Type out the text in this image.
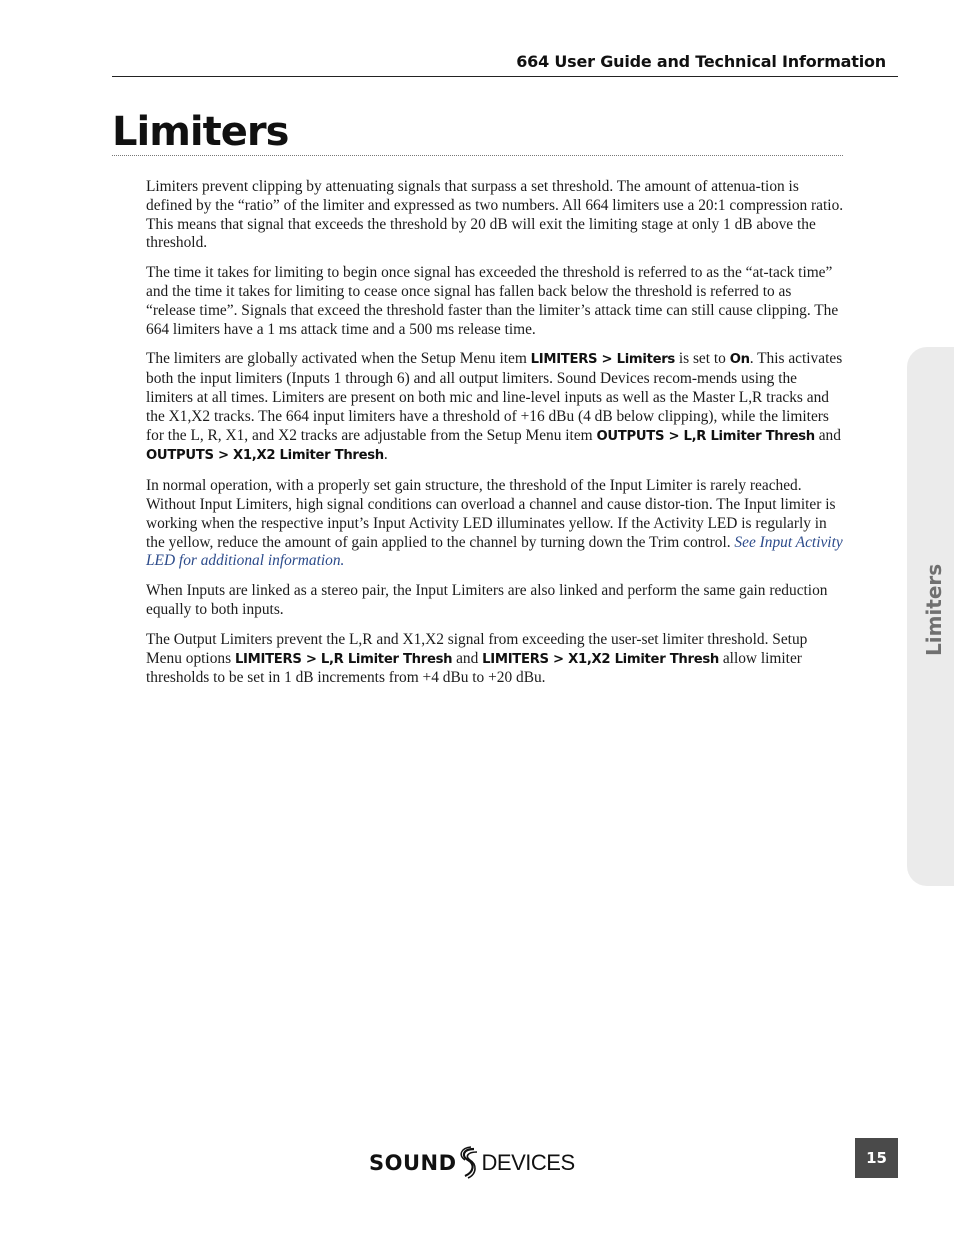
664 User Guide and Technical Information
Limiters

Limiters prevent clipping by attenuating signals that surpass a set threshold. The amount of attenua-tion is defined by the “ratio” of the limiter and expressed as two numbers. All 664 limiters use a 20:1 compression ratio. This means that signal that exceeds the threshold by 20 dB will exit the limiting stage at only 1 dB above the threshold.

The time it takes for limiting to begin once signal has exceeded the threshold is referred to as the “at-tack time” and the time it takes for limiting to cease once signal has fallen back below the threshold is referred to as “release time”. Signals that exceed the threshold faster than the limiter’s attack time can still cause clipping. The 664 limiters have a 1 ms attack time and a 500 ms release time.

The limiters are globally activated when the Setup Menu item LIMITERS > Limiters is set to On. This activates both the input limiters (Inputs 1 through 6) and all output limiters. Sound Devices recom-mends using the limiters at all times. Limiters are present on both mic and line-level inputs as well as the Master L,R tracks and the X1,X2 tracks. The 664 input limiters have a threshold of +16 dBu (4 dB below clipping), while the limiters for the L, R, X1, and X2 tracks are adjustable from the Setup Menu item OUTPUTS > L,R Limiter Thresh and OUTPUTS > X1,X2 Limiter Thresh.

In normal operation, with a properly set gain structure, the threshold of the Input Limiter is rarely reached. Without Input Limiters, high signal conditions can overload a channel and cause distor-tion. The Input limiter is working when the respective input’s Input Activity LED illuminates yellow. If the Activity LED is regularly in the yellow, reduce the amount of gain applied to the channel by turning down the Trim control. See Input Activity LED for additional information.

When Inputs are linked as a stereo pair, the Input Limiters are also linked and perform the same gain reduction equally to both inputs.

The Output Limiters prevent the L,R and X1,X2 signal from exceeding the user-set limiter threshold. Setup Menu options LIMITERS > L,R Limiter Thresh and LIMITERS > X1,X2 Limiter Thresh allow limiter thresholds to be set in 1 dB increments from +4 dBu to +20 dBu.

Limiters
SOUND DEVICES	15
